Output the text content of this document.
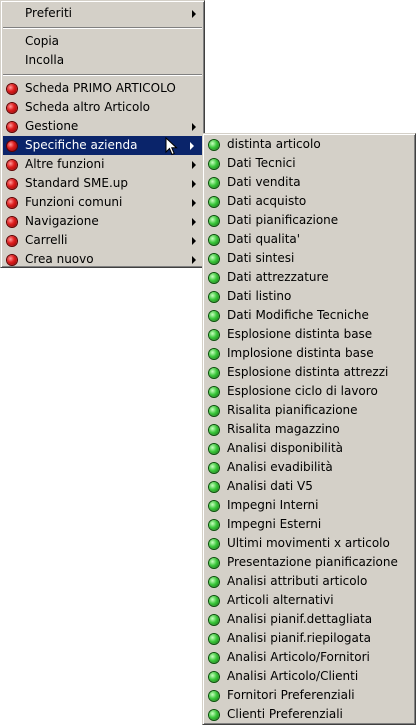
Preferiti
Copia
Incolla
Scheda PRIMO ARTICOLO
Scheda altro Articolo
Gestione
Specifiche azienda
Altre funzioni
Standard SME.up
Funzioni comuni
Navigazione
Carrelli
Crea nuovo
distinta articolo
Dati Tecnici
Dati vendita
Dati acquisto
Dati pianificazione
Dati qualita'
Dati sintesi
Dati attrezzature
Dati listino
Dati Modifiche Tecniche
Esplosione distinta base
Implosione distinta base
Esplosione distinta attrezzi
Esplosione ciclo di lavoro
Risalita pianificazione
Risalita magazzino
Analisi disponibilità
Analisi evadibilità
Analisi dati V5
Impegni Interni
Impegni Esterni
Ultimi movimenti x articolo
Presentazione pianificazione
Analisi attributi articolo
Articoli alternativi
Analisi pianif.dettagliata
Analisi pianif.riepilogata
Analisi Articolo/Fornitori
Analisi Articolo/Clienti
Fornitori Preferenziali
Clienti Preferenziali
